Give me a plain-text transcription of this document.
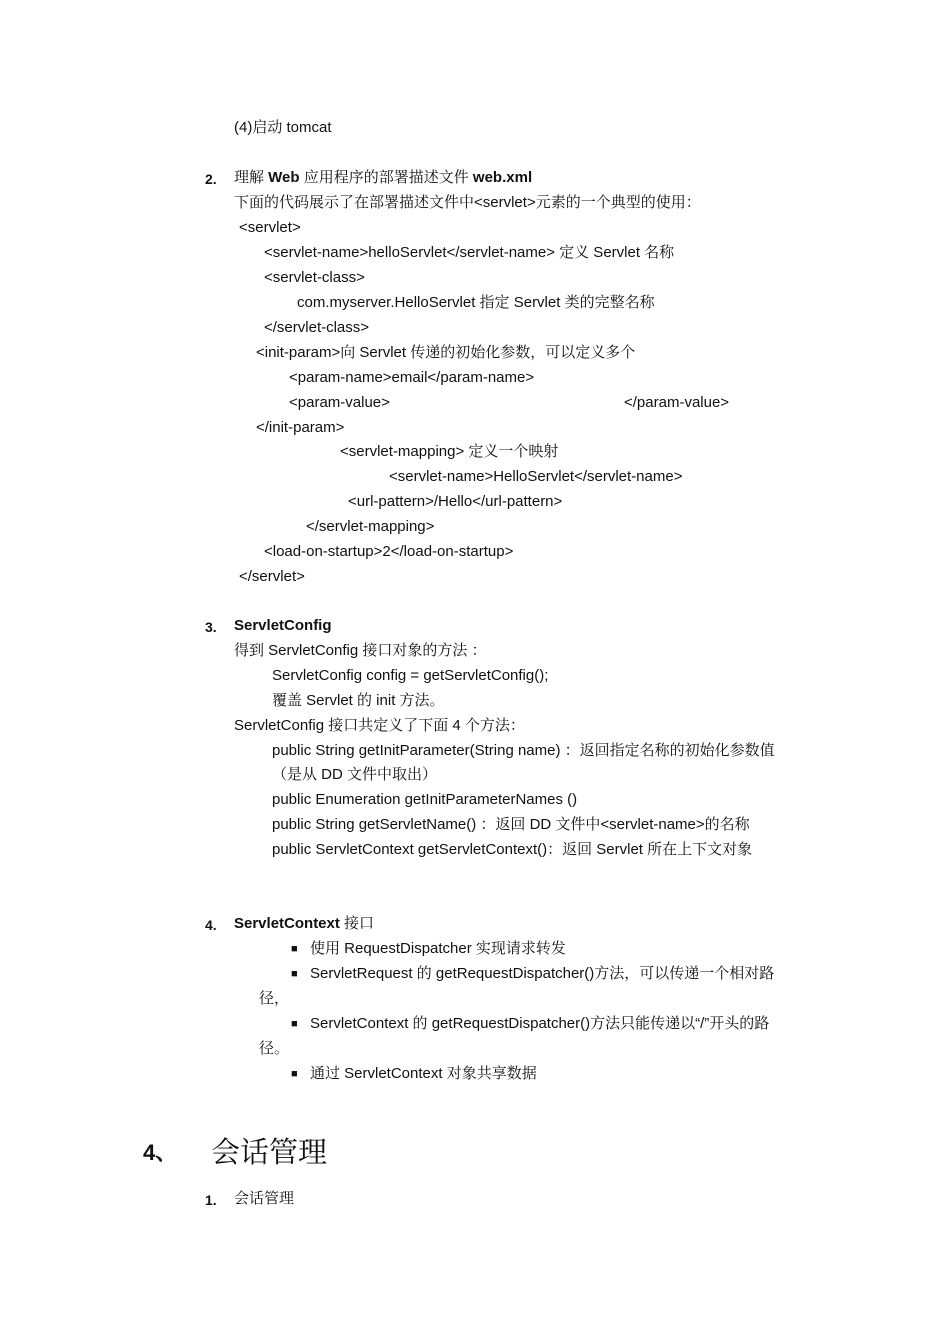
(4)启动 tomcat
2. 理解 Web 应用程序的部署描述文件 web.xml
下面的代码展示了在部署描述文件中<servlet>元素的一个典型的使用：
<servlet>
<servlet-name>helloServlet</servlet-name> 定义 Servlet 名称
<servlet-class>
com.myserver.HelloServlet 指定 Servlet 类的完整名称
</servlet-class>
<init-param>向 Servlet 传递的初始化参数，可以定义多个
<param-name>email</param-name>
<param-value>	</param-value>
</init-param>
<servlet-mapping> 定义一个映射
<servlet-name>HelloServlet</servlet-name>
<url-pattern>/Hello</url-pattern>
</servlet-mapping>
<load-on-startup>2</load-on-startup>
</servlet>
3. ServletConfig
得到 ServletConfig 接口对象的方法 ：
ServletConfig config = getServletConfig();
覆盖 Servlet 的 init 方法。
ServletConfig 接口共定义了下面 4 个方法：
public String getInitParameter(String name) ：返回指定名称的初始化参数值
（是从 DD 文件中取出）
public Enumeration getInitParameterNames ()
public String getServletName() ：返回 DD 文件中<servlet-name>的名称
public ServletContext getServletContext()：返回 Servlet 所在上下文对象
4. ServletContext 接口
■ 使用 RequestDispatcher 实现请求转发
■ ServletRequest 的 getRequestDispatcher()方法，可以传递一个相对路
径，
■ ServletContext 的 getRequestDispatcher()方法只能传递以“/”开头的路
径。
■ 通过 ServletContext 对象共享数据
4、 会话管理
1. 会话管理
